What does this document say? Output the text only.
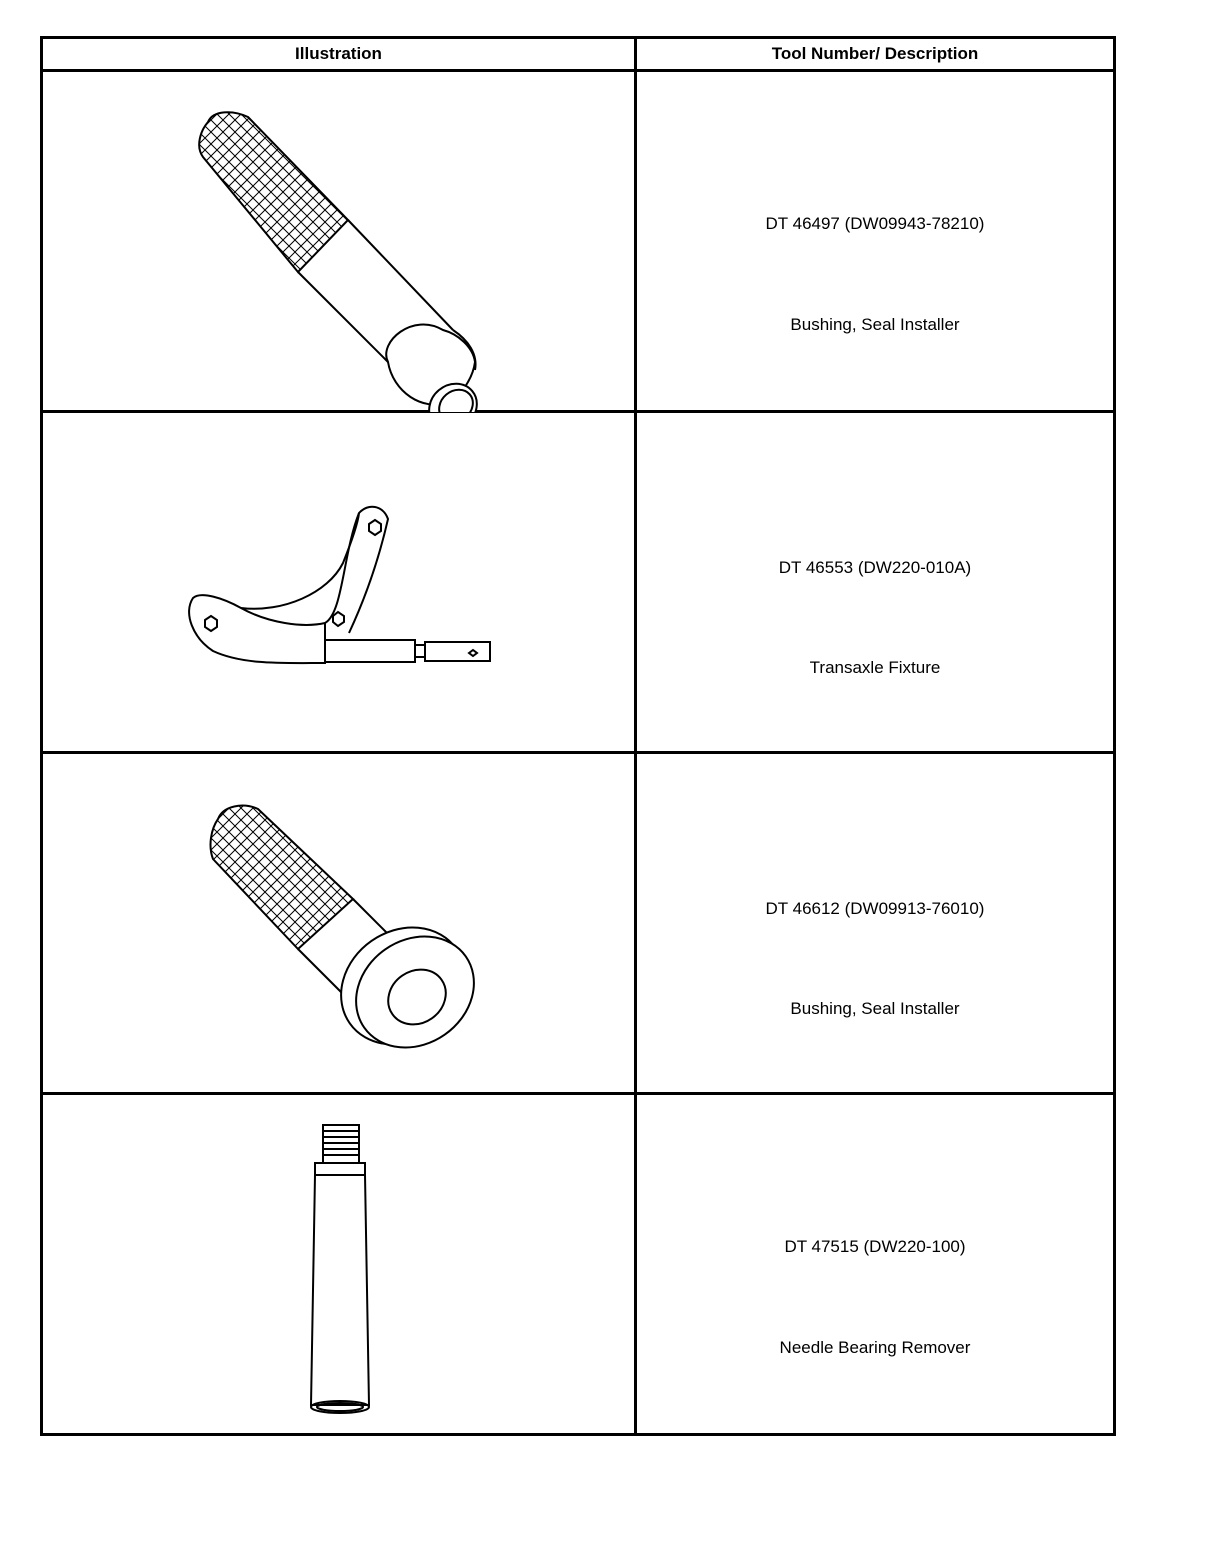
Illustration	Tool Number/ Description
DT 46497 (DW09943-78210)
Bushing, Seal Installer
DT 46553 (DW220-010A)
Transaxle Fixture
DT 46612 (DW09913-76010)
Bushing, Seal Installer
DT 47515 (DW220-100)
Needle Bearing Remover
